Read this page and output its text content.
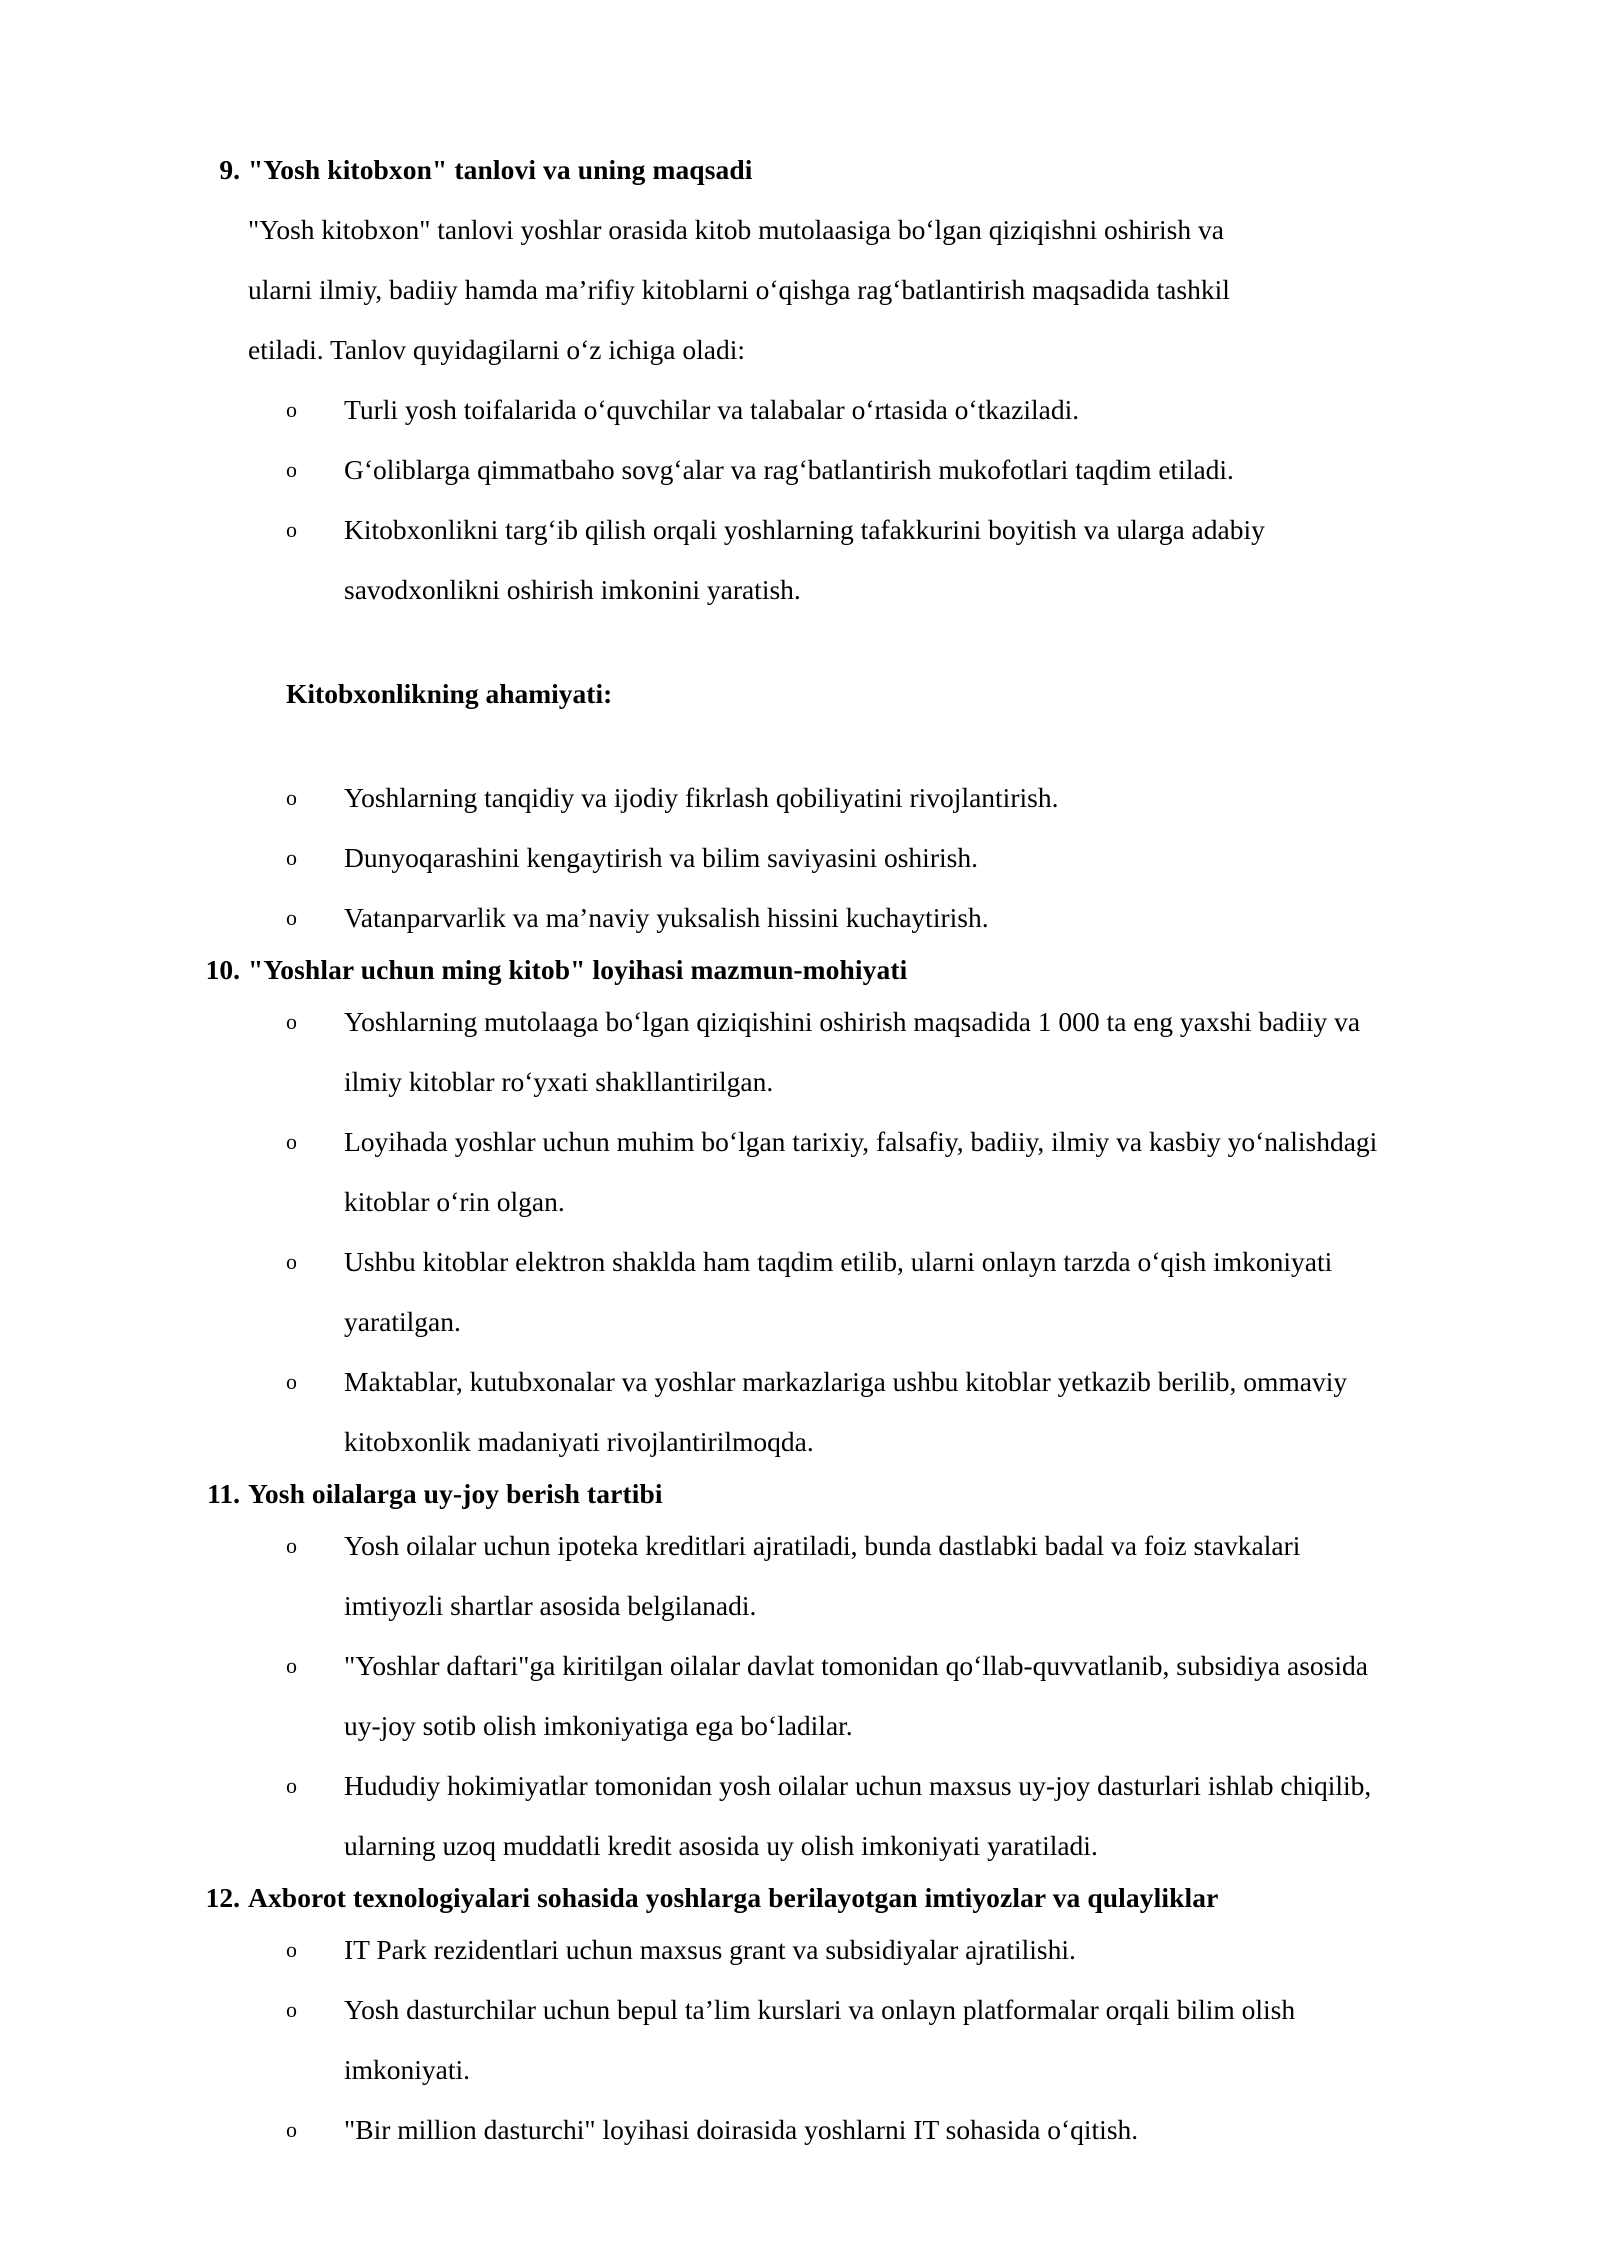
9. "Yosh kitobxon" tanlovi va uning maqsadi

"Yosh kitobxon" tanlovi yoshlar orasida kitob mutolaasiga bo‘lgan qiziqishni oshirish va ularni ilmiy, badiiy hamda ma’rifiy kitoblarni o‘qishga rag‘batlantirish maqsadida tashkil etiladi. Tanlov quyidagilarni o‘z ichiga oladi:

o Turli yosh toifalarida o‘quvchilar va talabalar o‘rtasida o‘tkaziladi.
o G‘oliblarga qimmatbaho sovg‘alar va rag‘batlantirish mukofotlari taqdim etiladi.
o Kitobxonlikni targ‘ib qilish orqali yoshlarning tafakkurini boyitish va ularga adabiy savodxonlikni oshirish imkonini yaratish.
Kitobxonlikning ahamiyati:
o Yoshlarning tanqidiy va ijodiy fikrlash qobiliyatini rivojlantirish.
o Dunyoqarashini kengaytirish va bilim saviyasini oshirish.
o Vatanparvarlik va ma’naviy yuksalish hissini kuchaytirish.
10. "Yoshlar uchun ming kitob" loyihasi mazmun-mohiyati
o Yoshlarning mutolaaga bo‘lgan qiziqishini oshirish maqsadida 1 000 ta eng yaxshi badiiy va ilmiy kitoblar ro‘yxati shakllantirilgan.
o Loyihada yoshlar uchun muhim bo‘lgan tarixiy, falsafiy, badiiy, ilmiy va kasbiy yo‘nalishdagi kitoblar o‘rin olgan.
o Ushbu kitoblar elektron shaklda ham taqdim etilib, ularni onlayn tarzda o‘qish imkoniyati yaratilgan.
o Maktablar, kutubxonalar va yoshlar markazlariga ushbu kitoblar yetkazib berilib, ommaviy kitobxonlik madaniyati rivojlantirilmoqda.
11. Yosh oilalarga uy-joy berish tartibi
o Yosh oilalar uchun ipoteka kreditlari ajratiladi, bunda dastlabki badal va foiz stavkalari imtiyozli shartlar asosida belgilanadi.
o "Yoshlar daftari"ga kiritilgan oilalar davlat tomonidan qo‘llab-quvvatlanib, subsidiya asosida uy-joy sotib olish imkoniyatiga ega bo‘ladilar.
o Hududiy hokimiyatlar tomonidan yosh oilalar uchun maxsus uy-joy dasturlari ishlab chiqilib, ularning uzoq muddatli kredit asosida uy olish imkoniyati yaratiladi.
12. Axborot texnologiyalari sohasida yoshlarga berilayotgan imtiyozlar va qulayliklar
o IT Park rezidentlari uchun maxsus grant va subsidiyalar ajratilishi.
o Yosh dasturchilar uchun bepul ta’lim kurslari va onlayn platformalar orqali bilim olish imkoniyati.
o "Bir million dasturchi" loyihasi doirasida yoshlarni IT sohasida o‘qitish.
